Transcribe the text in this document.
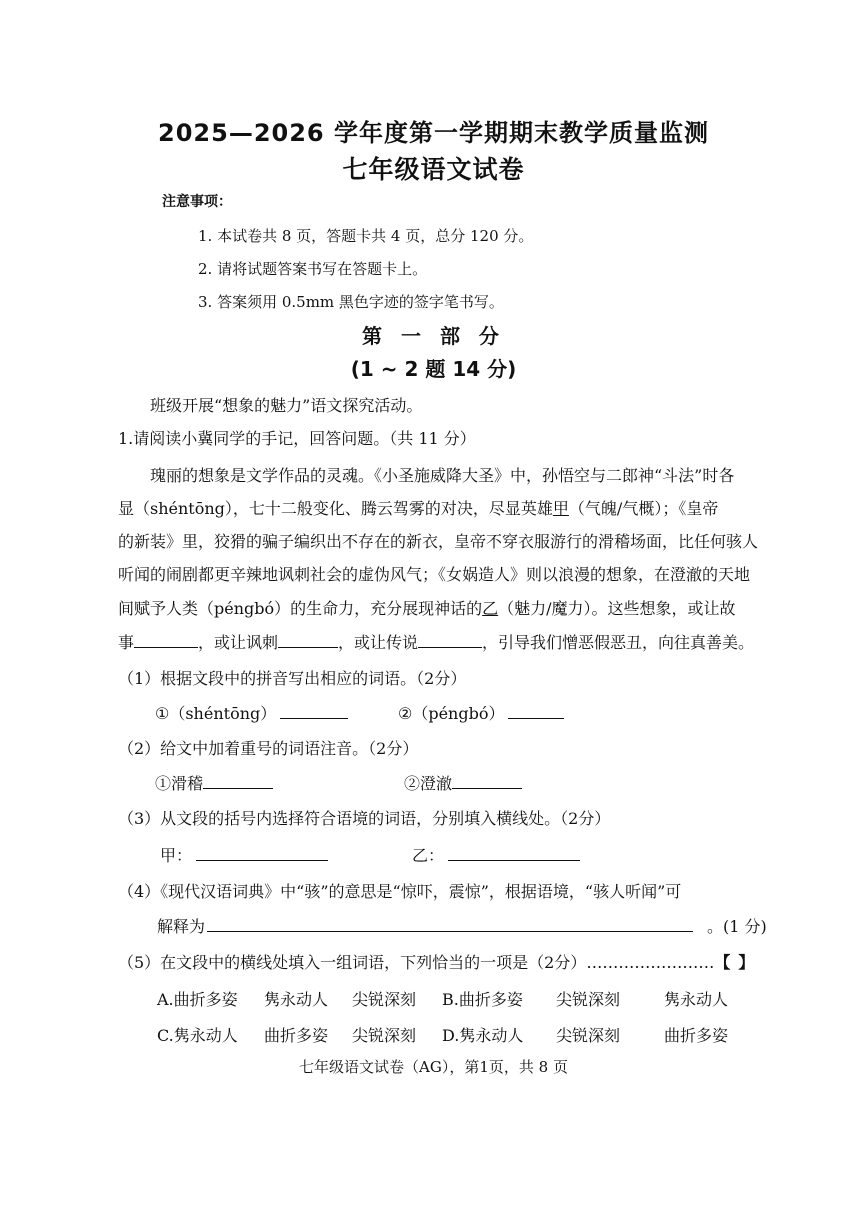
2025—2026 学年度第一学期期末教学质量监测
七年级语文试卷
注意事项：
1. 本试卷共 8 页，答题卡共 4 页，总分 120 分。
2. 请将试题答案书写在答题卡上。
3. 答案须用 0.5mm 黑色字迹的签字笔书写。
第 一 部 分
(1 ~ 2 题 14 分)
班级开展“想象的魅力”语文探究活动。
1.请阅读小冀同学的手记，回答问题。（共 11 分）
瑰丽的想象是文学作品的灵魂。《小圣施威降大圣》中，孙悟空与二郎神“斗法”时各
显（shéntōng），七十二般变化、腾云驾雾的对决，尽显英雄甲（气魄/气概）；《皇帝
的新装》里，狡猾的骗子编织出不存在的新衣，皇帝不穿衣服游行的滑稽场面，比任何骇人
听闻的闹剧都更辛辣地讽刺社会的虚伪风气；《女娲造人》则以浪漫的想象，在澄澈的天地
间赋予人类（péngbó）的生命力，充分展现神话的乙（魅力/魔力）。这些想象，或让故
事	，或让讽刺	，或让传说	，引导我们憎恶假恶丑，向往真善美。
（1）根据文段中的拼音写出相应的词语。（2分）
①（shéntōng）	②（péngbó）
（2）给文中加着重号的词语注音。（2分）
①滑稽	②澄澈
（3）从文段的括号内选择符合语境的词语，分别填入横线处。（2分）
甲：	乙：
（4）《现代汉语词典》中“骇”的意思是“惊吓，震惊”，根据语境，“骇人听闻”可
解释为	。(1 分)
（5）在文段中的横线处填入一组词语，下列恰当的一项是（2分）……………………【 】
A.曲折多姿 隽永动人 尖锐深刻 B.曲折多姿 尖锐深刻	隽永动人
C.隽永动人 曲折多姿 尖锐深刻 D.隽永动人 尖锐深刻	曲折多姿
七年级语文试卷（AG），第1页，共 8 页
